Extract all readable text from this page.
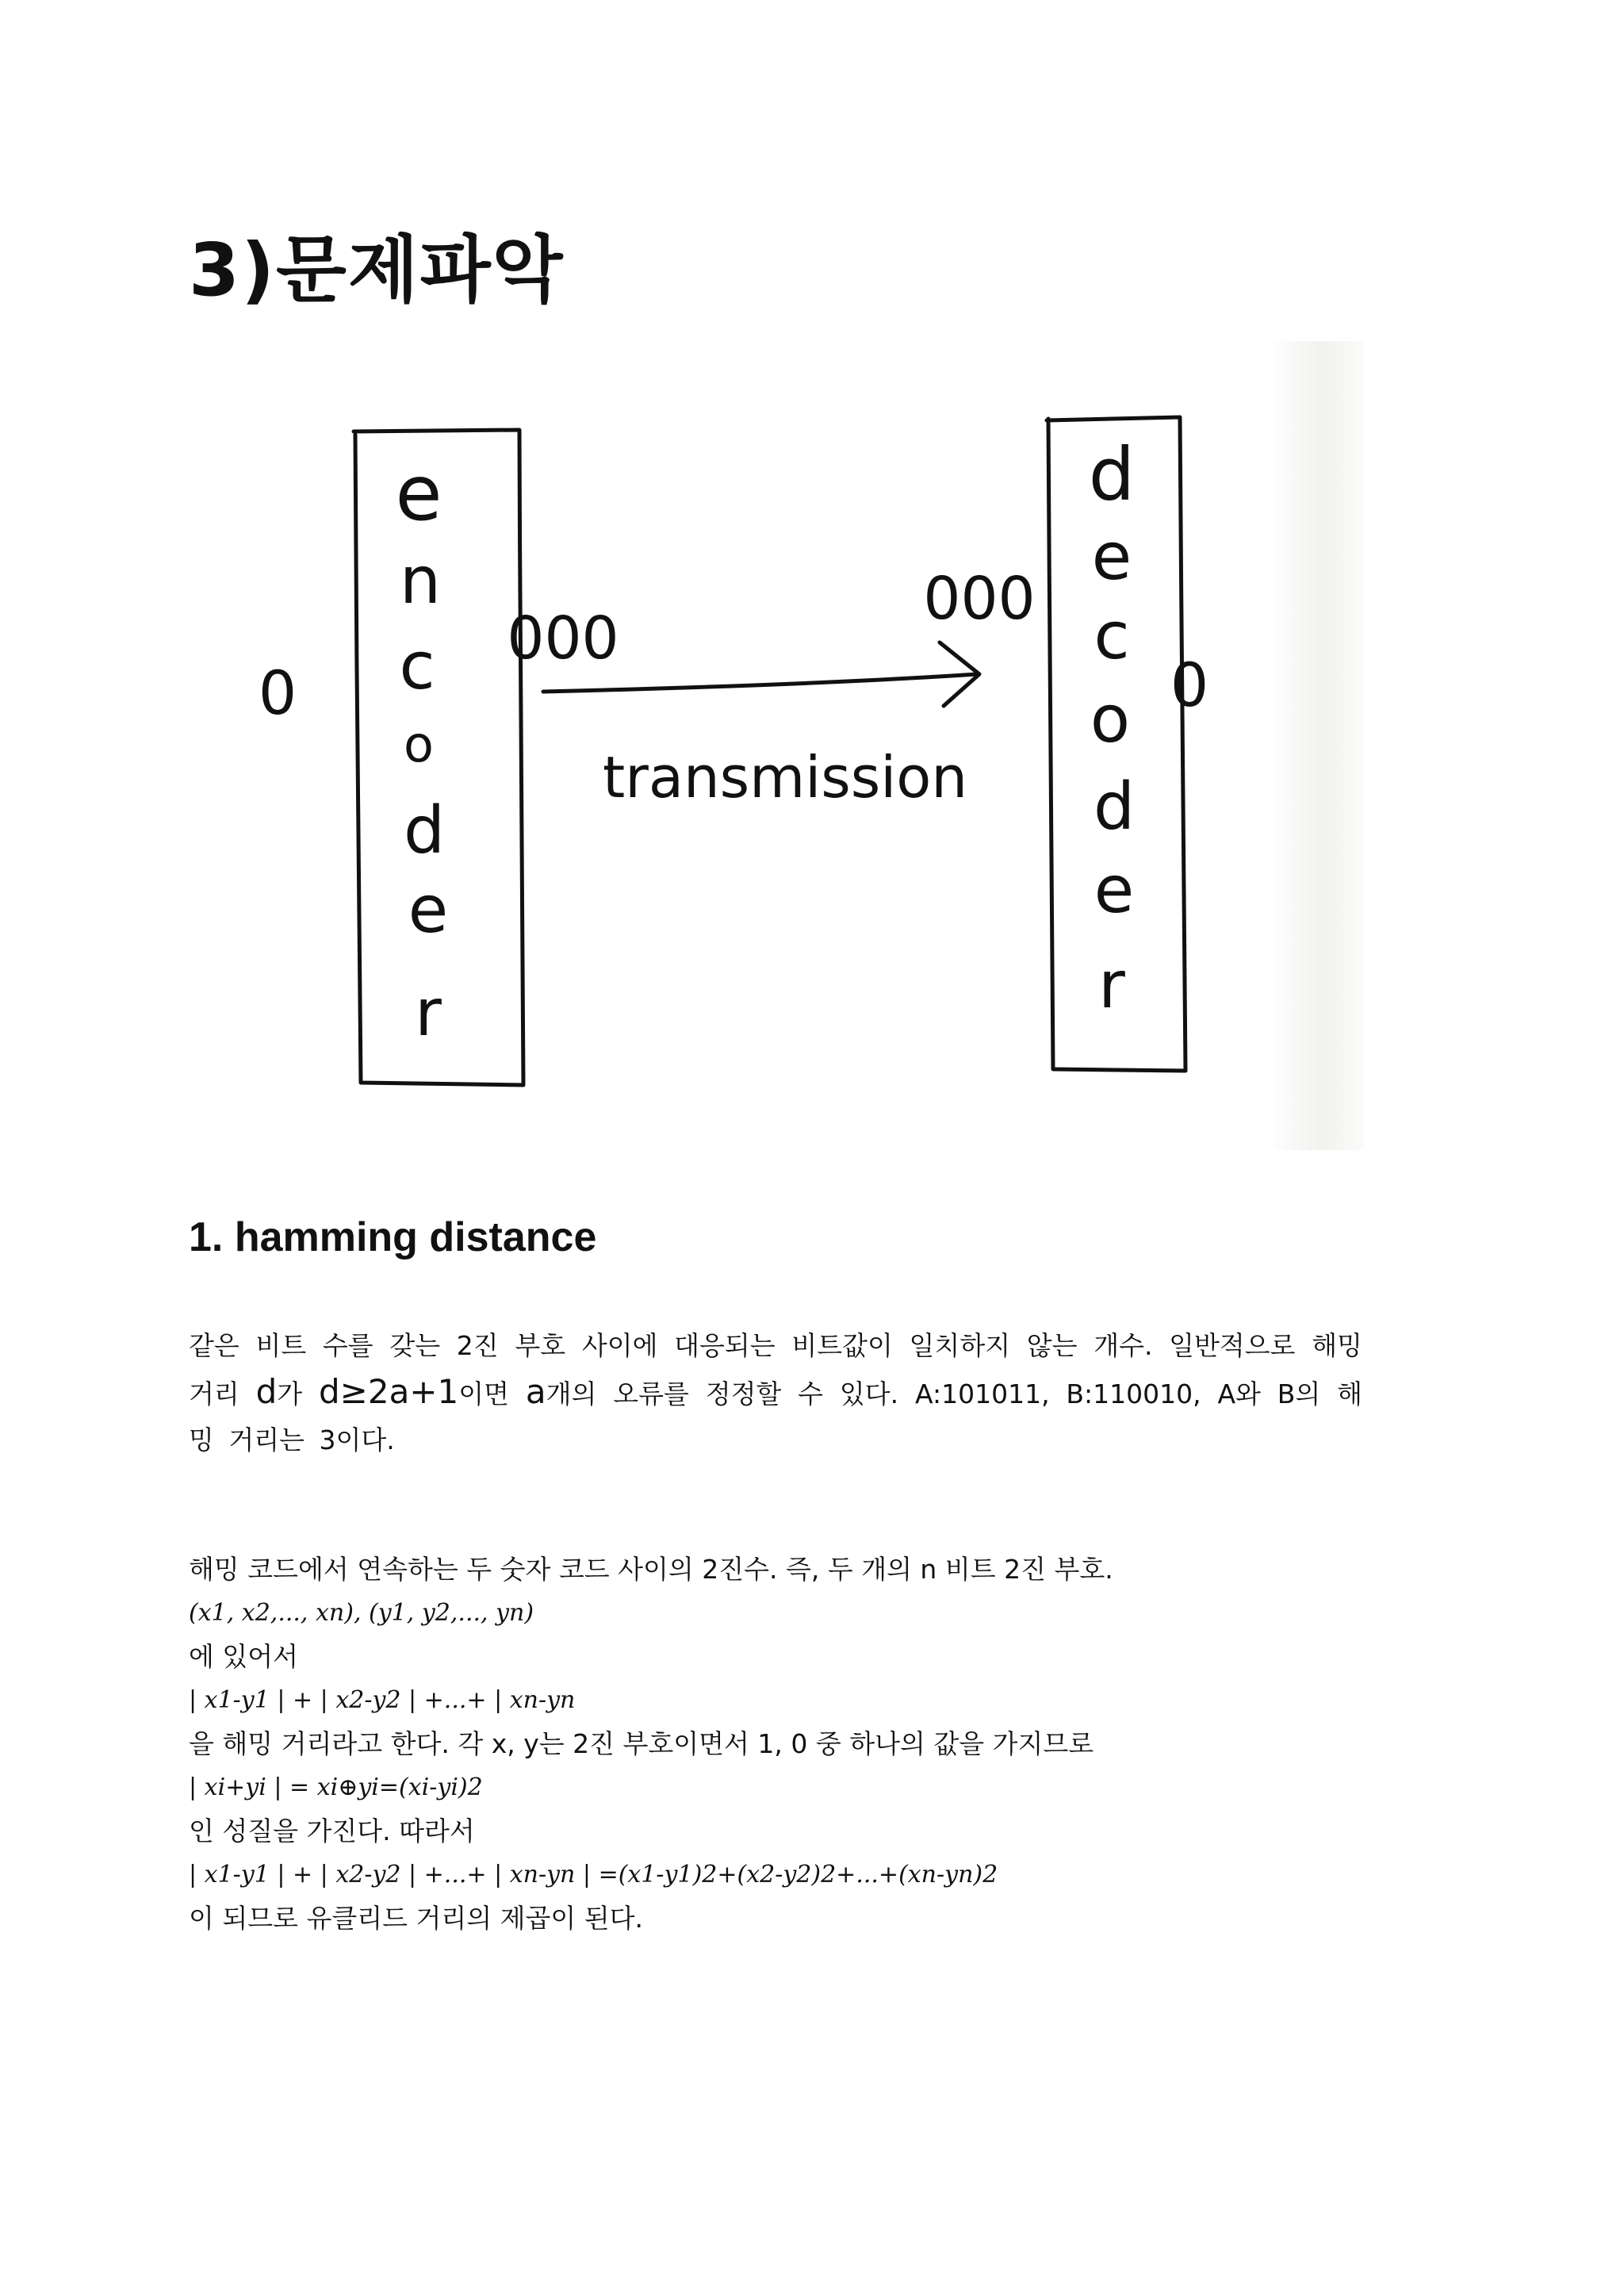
3)문제파악
0
e
n
c
o
d
e
r
000
000
transmission
d
e
c
o
d
e
r
0
1. hamming distance

같은 비트 수를 갖는 2진 부호 사이에 대응되는 비트값이 일치하지 않는 개수. 일반적으로 해밍 거리 d가 d≥2a+1이면 a개의 오류를 정정할 수 있다. A:101011, B:110010, A와 B의 해밍 거리는 3이다.

해밍 코드에서 연속하는 두 숫자 코드 사이의 2진수. 즉, 두 개의 n 비트 2진 부호.
(x1, x2,..., xn), (y1, y2,..., yn)
에 있어서
| x1-y1 | + | x2-y2 | +...+ | xn-yn
을 해밍 거리라고 한다. 각 x, y는 2진 부호이면서 1, 0 중 하나의 값을 가지므로
| xi+yi | = xi⊕yi=(xi-yi)2
인 성질을 가진다. 따라서
| x1-y1 | + | x2-y2 | +...+ | xn-yn | =(x1-y1)2+(x2-y2)2+...+(xn-yn)2
이 되므로 유클리드 거리의 제곱이 된다.
